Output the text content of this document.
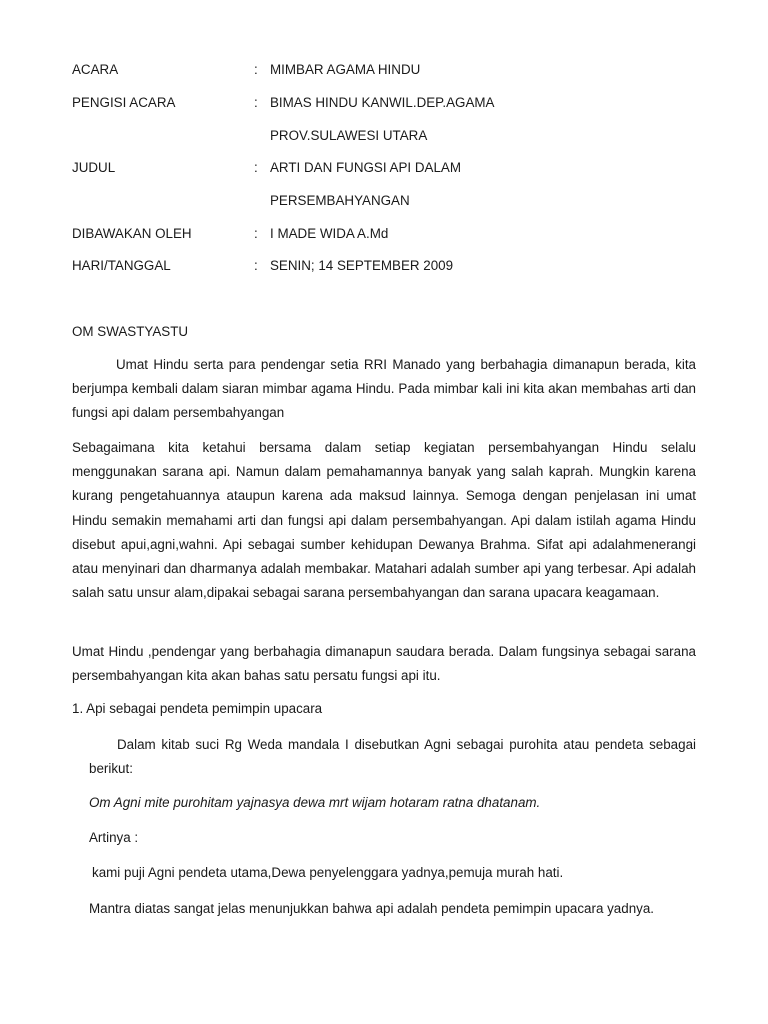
ACARA	: MIMBAR AGAMA HINDU
PENGISI ACARA	: BIMAS HINDU KANWIL.DEP.AGAMA
PROV.SULAWESI UTARA
JUDUL	: ARTI DAN FUNGSI API DALAM
PERSEMBAHYANGAN
DIBAWAKAN OLEH	: I MADE WIDA A.Md
HARI/TANGGAL	: SENIN; 14 SEPTEMBER 2009

OM SWASTYASTU

Umat Hindu serta para pendengar setia RRI Manado yang berbahagia dimanapun berada, kita berjumpa kembali dalam siaran mimbar agama Hindu. Pada mimbar kali ini kita akan membahas arti dan fungsi api dalam persembahyangan

Sebagaimana kita ketahui bersama dalam setiap kegiatan persembahyangan Hindu selalu menggunakan sarana api. Namun dalam pemahamannya banyak yang salah kaprah. Mungkin karena kurang pengetahuannya ataupun karena ada maksud lainnya. Semoga dengan penjelasan ini umat Hindu semakin memahami arti dan fungsi api dalam persembahyangan. Api dalam istilah agama Hindu disebut apui,agni,wahni. Api sebagai sumber kehidupan Dewanya Brahma. Sifat api adalahmenerangi atau menyinari dan dharmanya adalah membakar. Matahari adalah sumber api yang terbesar. Api adalah salah satu unsur alam,dipakai sebagai sarana persembahyangan dan sarana upacara keagamaan.

Umat Hindu ,pendengar yang berbahagia dimanapun saudara berada. Dalam fungsinya sebagai sarana persembahyangan kita akan bahas satu persatu fungsi api itu.

1. Api sebagai pendeta pemimpin upacara

Dalam kitab suci Rg Weda mandala I disebutkan Agni sebagai purohita atau pendeta sebagai

berikut:

Om Agni mite purohitam yajnasya dewa mrt wijam hotaram ratna dhatanam.

Artinya :

kami puji Agni pendeta utama,Dewa penyelenggara yadnya,pemuja murah hati.

Mantra diatas sangat jelas menunjukkan bahwa api adalah pendeta pemimpin upacara yadnya.
